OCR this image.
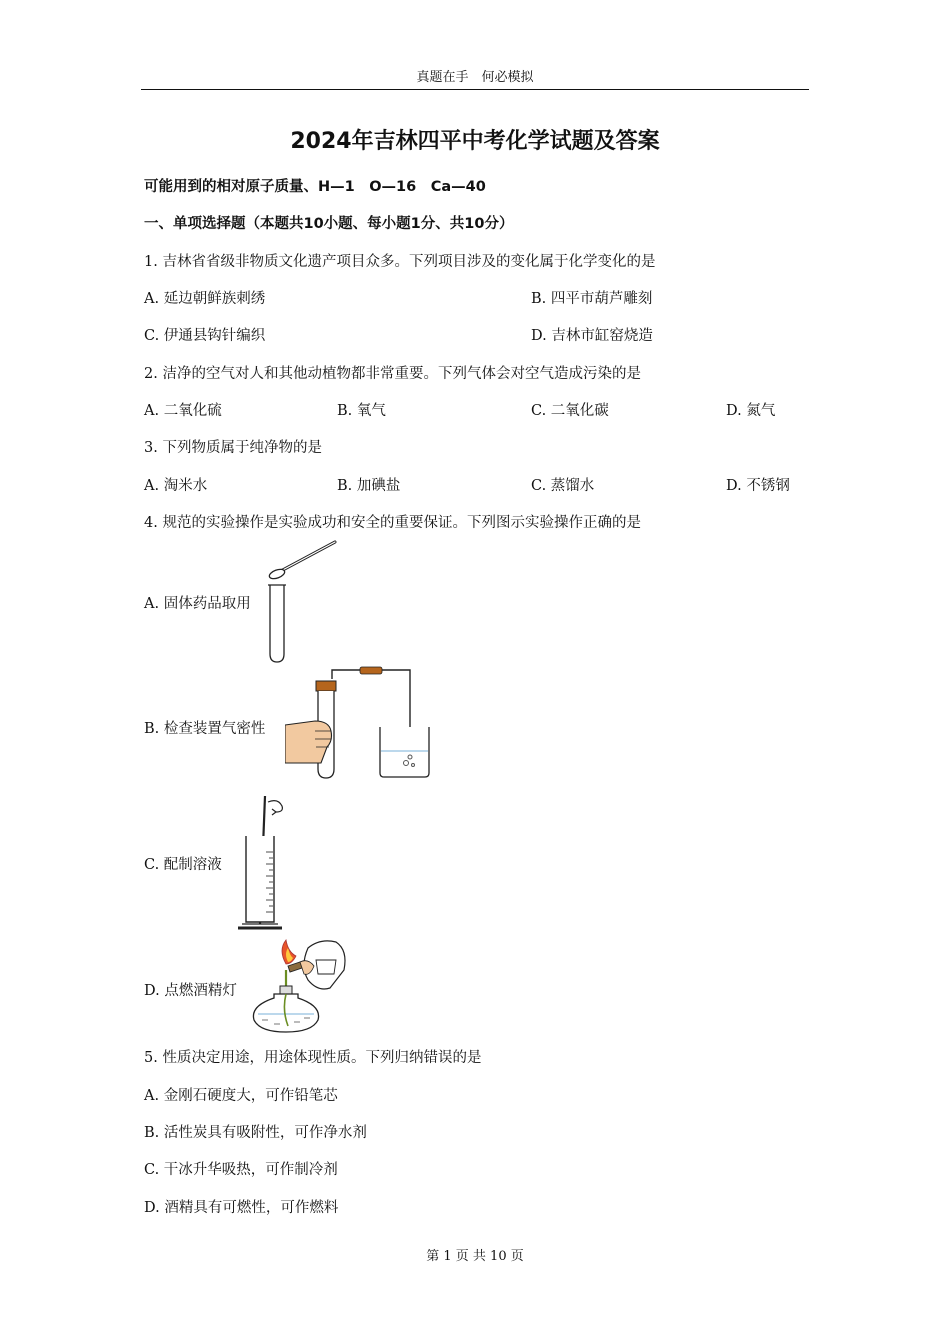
真题在手　何必模拟
2024年吉林四平中考化学试题及答案
可能用到的相对原子质量、H—1　O—16　Ca—40
一、单项选择题（本题共10小题、每小题1分、共10分）
1. 吉林省省级非物质文化遗产项目众多。下列项目涉及的变化属于化学变化的是
A. 延边朝鲜族刺绣	B. 四平市葫芦雕刻
C. 伊通县钩针编织	D. 吉林市缸窑烧造
2. 洁净的空气对人和其他动植物都非常重要。下列气体会对空气造成污染的是
A. 二氧化硫	B. 氧气	C. 二氧化碳	D. 氮气
3. 下列物质属于纯净物的是
A. 淘米水	B. 加碘盐	C. 蒸馏水	D. 不锈钢
4. 规范的实验操作是实验成功和安全的重要保证。下列图示实验操作正确的是
A. 固体药品取用
B. 检查装置气密性
C. 配制溶液
D. 点燃酒精灯
5. 性质决定用途，用途体现性质。下列归纳错误的是
A. 金刚石硬度大，可作铅笔芯
B. 活性炭具有吸附性，可作净水剂
C. 干冰升华吸热，可作制冷剂
D. 酒精具有可燃性，可作燃料
第 1 页 共 10 页
